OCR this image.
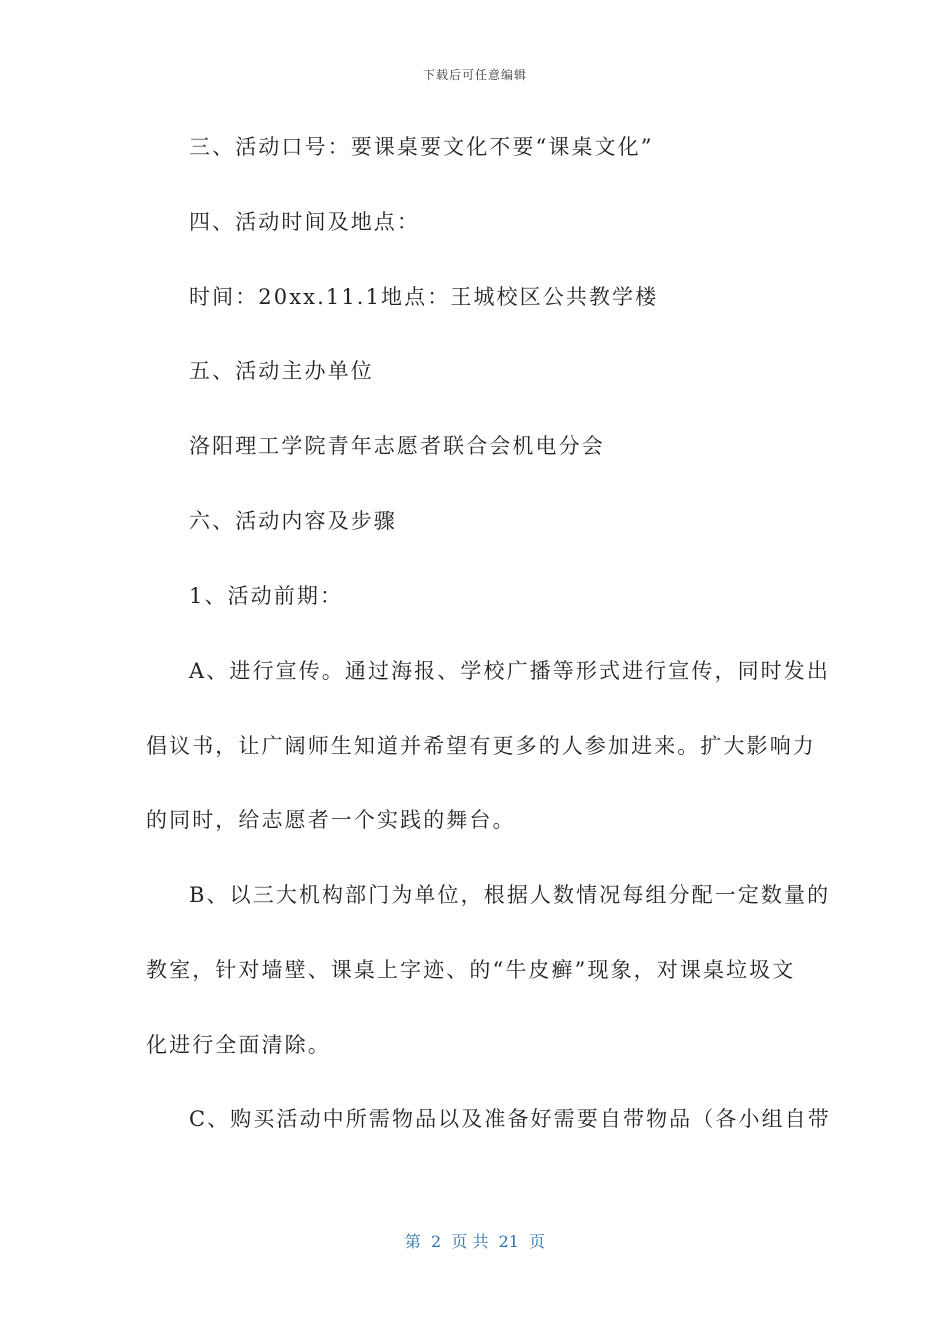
下载后可任意编辑
三、活动口号：要课桌要文化不要“课桌文化”
四、活动时间及地点：
时间：20xx.11.1地点：王城校区公共教学楼
五、活动主办单位
洛阳理工学院青年志愿者联合会机电分会
六、活动内容及步骤
1、活动前期：
A、进行宣传。通过海报、学校广播等形式进行宣传，同时发出
倡议书，让广阔师生知道并希望有更多的人参加进来。扩大影响力
的同时，给志愿者一个实践的舞台。
B、以三大机构部门为单位，根据人数情况每组分配一定数量的
教室，针对墙壁、课桌上字迹、的“牛皮癣”现象，对课桌垃圾文
化进行全面清除。
C、购买活动中所需物品以及准备好需要自带物品（各小组自带
第  2  页 共  21  页
